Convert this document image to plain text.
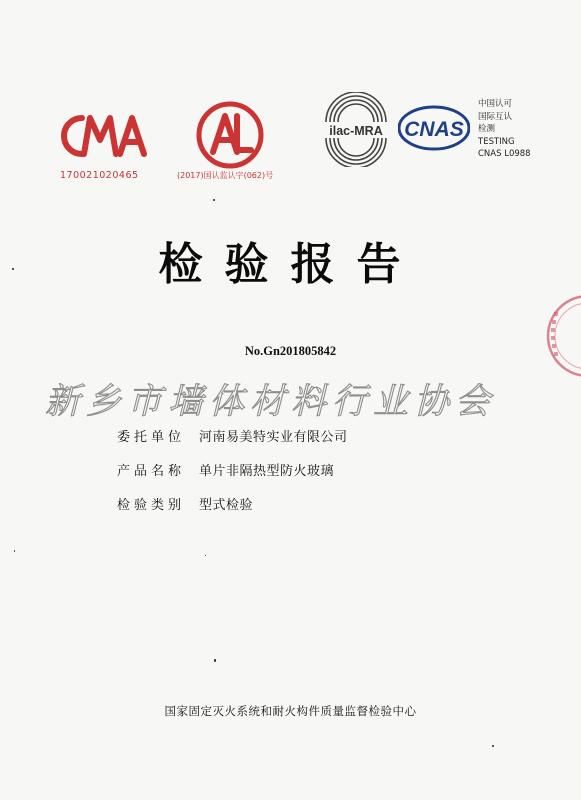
170021020465	(2017)国认监认字(062)号
ilac-MRA CNAS
中国认可
国际互认
检测
TESTING
CNAS L0988
检验报告
No.Gn201805842
新乡市墙体材料行业协会
委托单位	河南易美特实业有限公司
产品名称	单片非隔热型防火玻璃
检验类别	型式检验
国家固定灭火系统和耐火构件质量监督检验中心
